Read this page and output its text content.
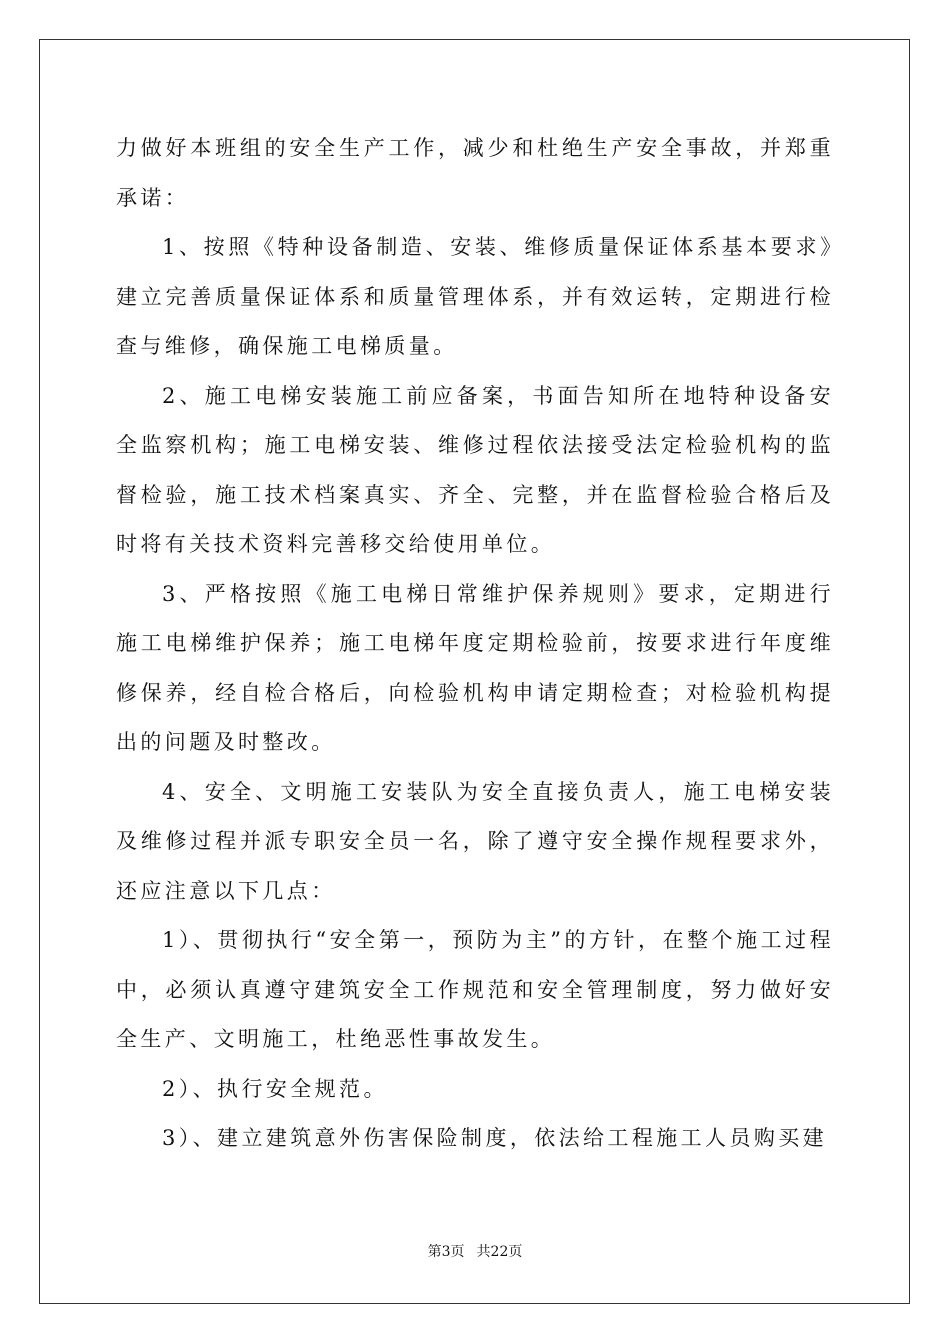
力做好本班组的安全生产工作，减少和杜绝生产安全事故，并郑重承诺：

1、按照《特种设备制造、安装、维修质量保证体系基本要求》建立完善质量保证体系和质量管理体系，并有效运转，定期进行检查与维修，确保施工电梯质量。

2、施工电梯安装施工前应备案，书面告知所在地特种设备安全监察机构；施工电梯安装、维修过程依法接受法定检验机构的监督检验，施工技术档案真实、齐全、完整，并在监督检验合格后及时将有关技术资料完善移交给使用单位。

3、严格按照《施工电梯日常维护保养规则》要求，定期进行施工电梯维护保养；施工电梯年度定期检验前，按要求进行年度维修保养，经自检合格后，向检验机构申请定期检查；对检验机构提出的问题及时整改。

4、安全、文明施工安装队为安全直接负责人，施工电梯安装及维修过程并派专职安全员一名，除了遵守安全操作规程要求外，还应注意以下几点：

1）、贯彻执行“安全第一，预防为主”的方针，在整个施工过程中，必须认真遵守建筑安全工作规范和安全管理制度，努力做好安全生产、文明施工，杜绝恶性事故发生。

2）、执行安全规范。

3）、建立建筑意外伤害保险制度，依法给工程施工人员购买建

第3页 共22页
